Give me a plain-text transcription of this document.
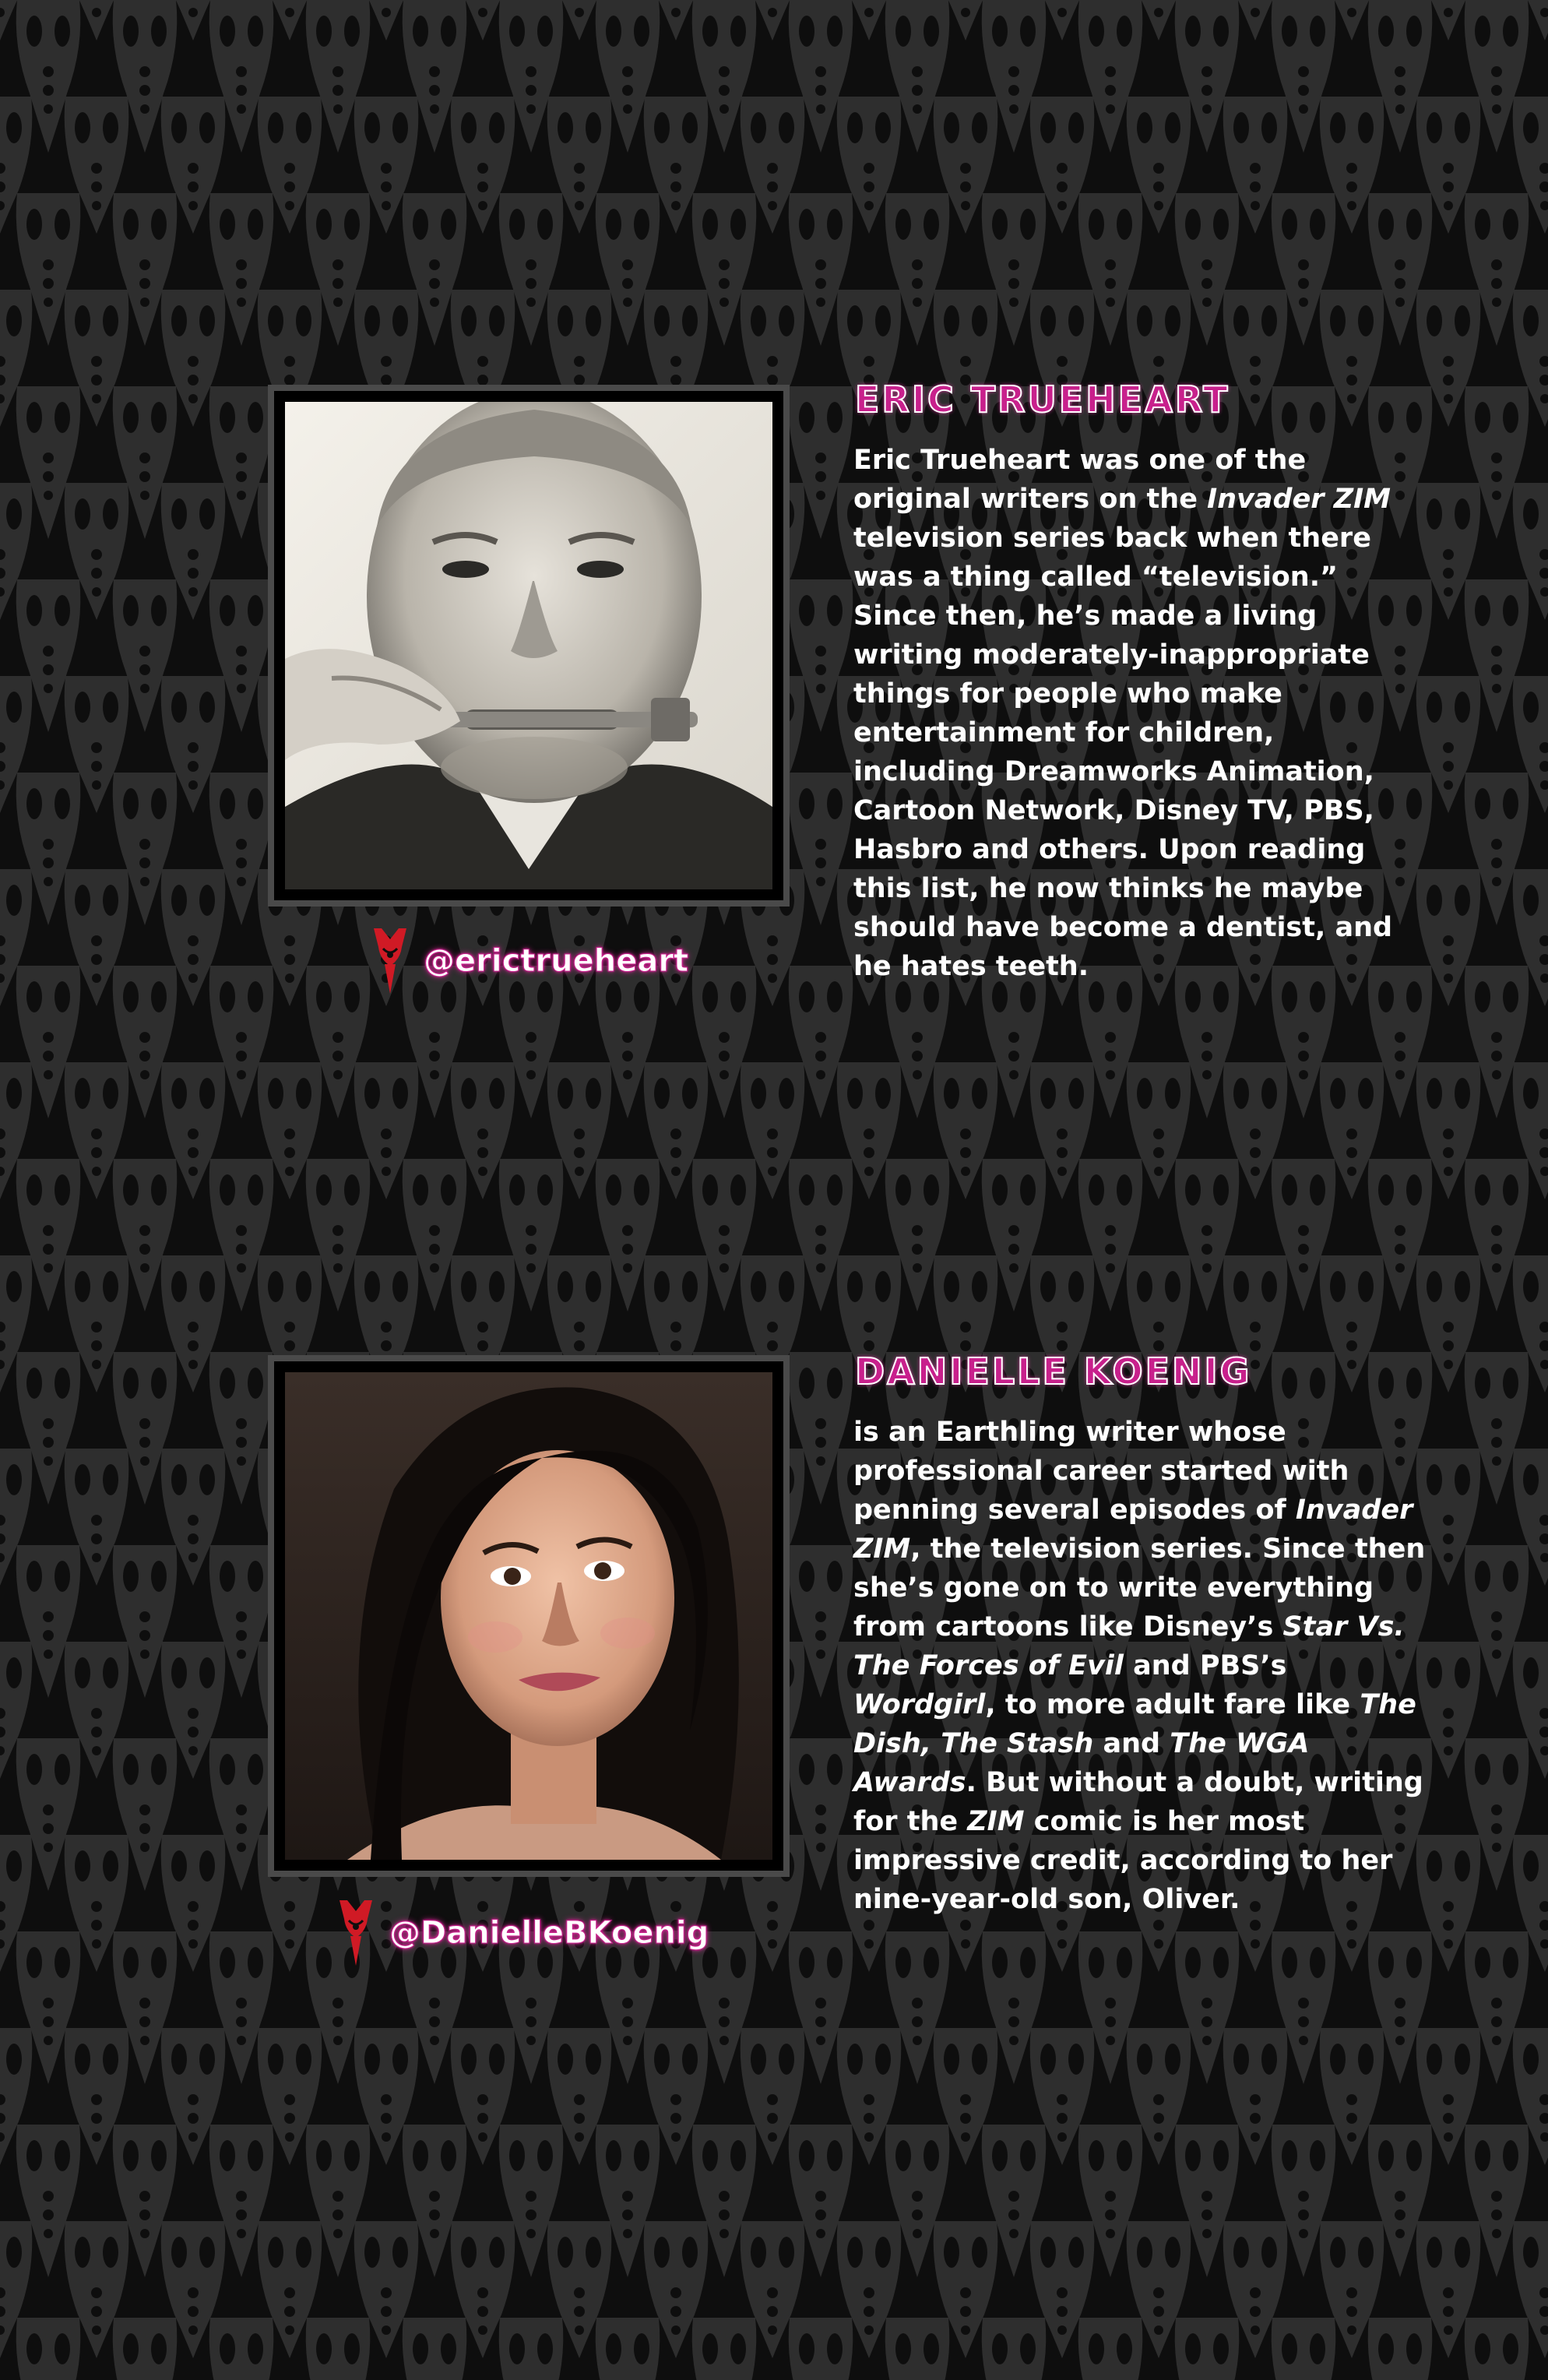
ERIC TRUEHEART
Eric Trueheart was one of the original writers on the Invader ZIM television series back when there was a thing called “television.” Since then, he’s made a living writing moderately-inappropriate things for people who make entertainment for children, including Dreamworks Animation, Cartoon Network, Disney TV, PBS, Hasbro and others. Upon reading this list, he now thinks he maybe should have become a dentist, and he hates teeth.
@erictrueheart
DANIELLE KOENIG
is an Earthling writer whose professional career started with penning several episodes of Invader ZIM, the television series. Since then she’s gone on to write everything from cartoons like Disney’s Star Vs. The Forces of Evil and PBS’s Wordgirl, to more adult fare like The Dish, The Stash and The WGA Awards. But without a doubt, writing for the ZIM comic is her most impressive credit, according to her nine-year-old son, Oliver.
@DanielleBKoenig
